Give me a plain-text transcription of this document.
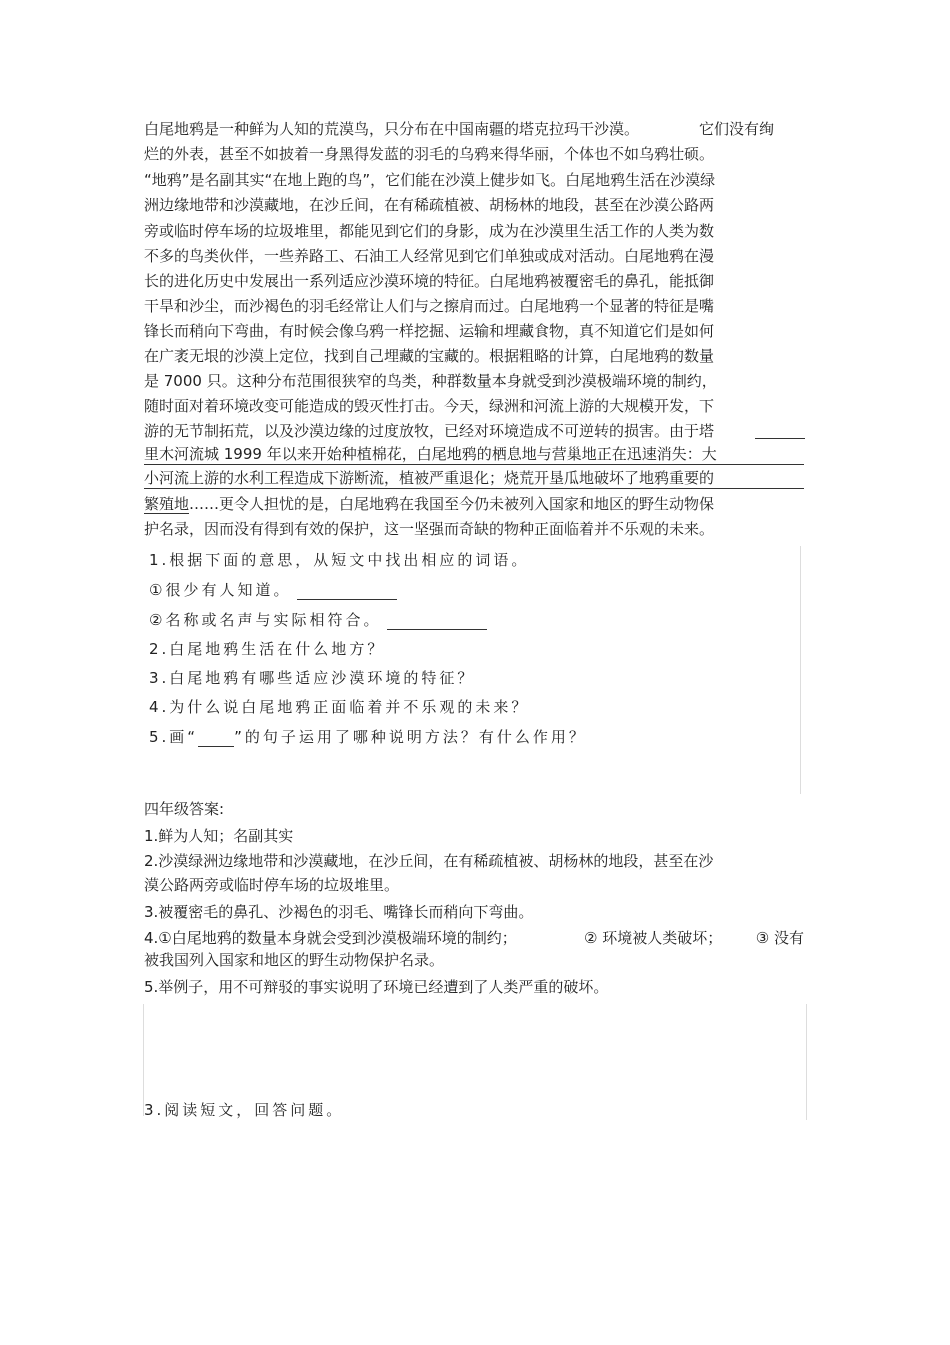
白尾地鸦是一种鲜为人知的荒漠鸟，只分布在中国南疆的塔克拉玛干沙漠。	它们没有绚
烂的外表，甚至不如披着一身黑得发蓝的羽毛的乌鸦来得华丽，个体也不如乌鸦壮硕。
“地鸦”是名副其实“在地上跑的鸟”，它们能在沙漠上健步如飞。白尾地鸦生活在沙漠绿
洲边缘地带和沙漠藏地，在沙丘间，在有稀疏植被、胡杨林的地段，甚至在沙漠公路两
旁或临时停车场的垃圾堆里，都能见到它们的身影，成为在沙漠里生活工作的人类为数
不多的鸟类伙伴，一些养路工、石油工人经常见到它们单独或成对活动。白尾地鸦在漫
长的进化历史中发展出一系列适应沙漠环境的特征。白尾地鸦被覆密毛的鼻孔，能抵御
干旱和沙尘，而沙褐色的羽毛经常让人们与之擦肩而过。白尾地鸦一个显著的特征是嘴
锋长而稍向下弯曲，有时候会像乌鸦一样挖掘、运输和埋藏食物，真不知道它们是如何
在广袤无垠的沙漠上定位，找到自己埋藏的宝藏的。根据粗略的计算，白尾地鸦的数量
是 7000 只。这种分布范围很狭窄的鸟类，种群数量本身就受到沙漠极端环境的制约，
随时面对着环境改变可能造成的毁灭性打击。今天，绿洲和河流上游的大规模开发，下
游的无节制拓荒，以及沙漠边缘的过度放牧，已经对环境造成不可逆转的损害。由于塔
里木河流城 1999 年以来开始种植棉花，白尾地鸦的栖息地与营巢地正在迅速消失：大
小河流上游的水利工程造成下游断流，植被严重退化；烧荒开垦瓜地破坏了地鸦重要的
繁殖地……更令人担忧的是，白尾地鸦在我国至今仍未被列入国家和地区的野生动物保
护名录，因而没有得到有效的保护，这一坚强而奇缺的物种正面临着并不乐观的未来。
1.根据下面的意思，从短文中找出相应的词语。
①很少有人知道。
②名称或名声与实际相符合。
2.白尾地鸦生活在什么地方？
3.白尾地鸦有哪些适应沙漠环境的特征？
4.为什么说白尾地鸦正面临着并不乐观的未来？
5.画“ ”的句子运用了哪种说明方法？有什么作用？
四年级答案:
1.鲜为人知；名副其实
2.沙漠绿洲边缘地带和沙漠藏地，在沙丘间，在有稀疏植被、胡杨林的地段，甚至在沙
漠公路两旁或临时停车场的垃圾堆里。
3.被覆密毛的鼻孔、沙褐色的羽毛、嘴锋长而稍向下弯曲。
4.①白尾地鸦的数量本身就会受到沙漠极端环境的制约；	② 环境被人类破坏； ③ 没有
被我国列入国家和地区的野生动物保护名录。
5.举例子，用不可辩驳的事实说明了环境已经遭到了人类严重的破坏。
3.阅读短文，回答问题。
